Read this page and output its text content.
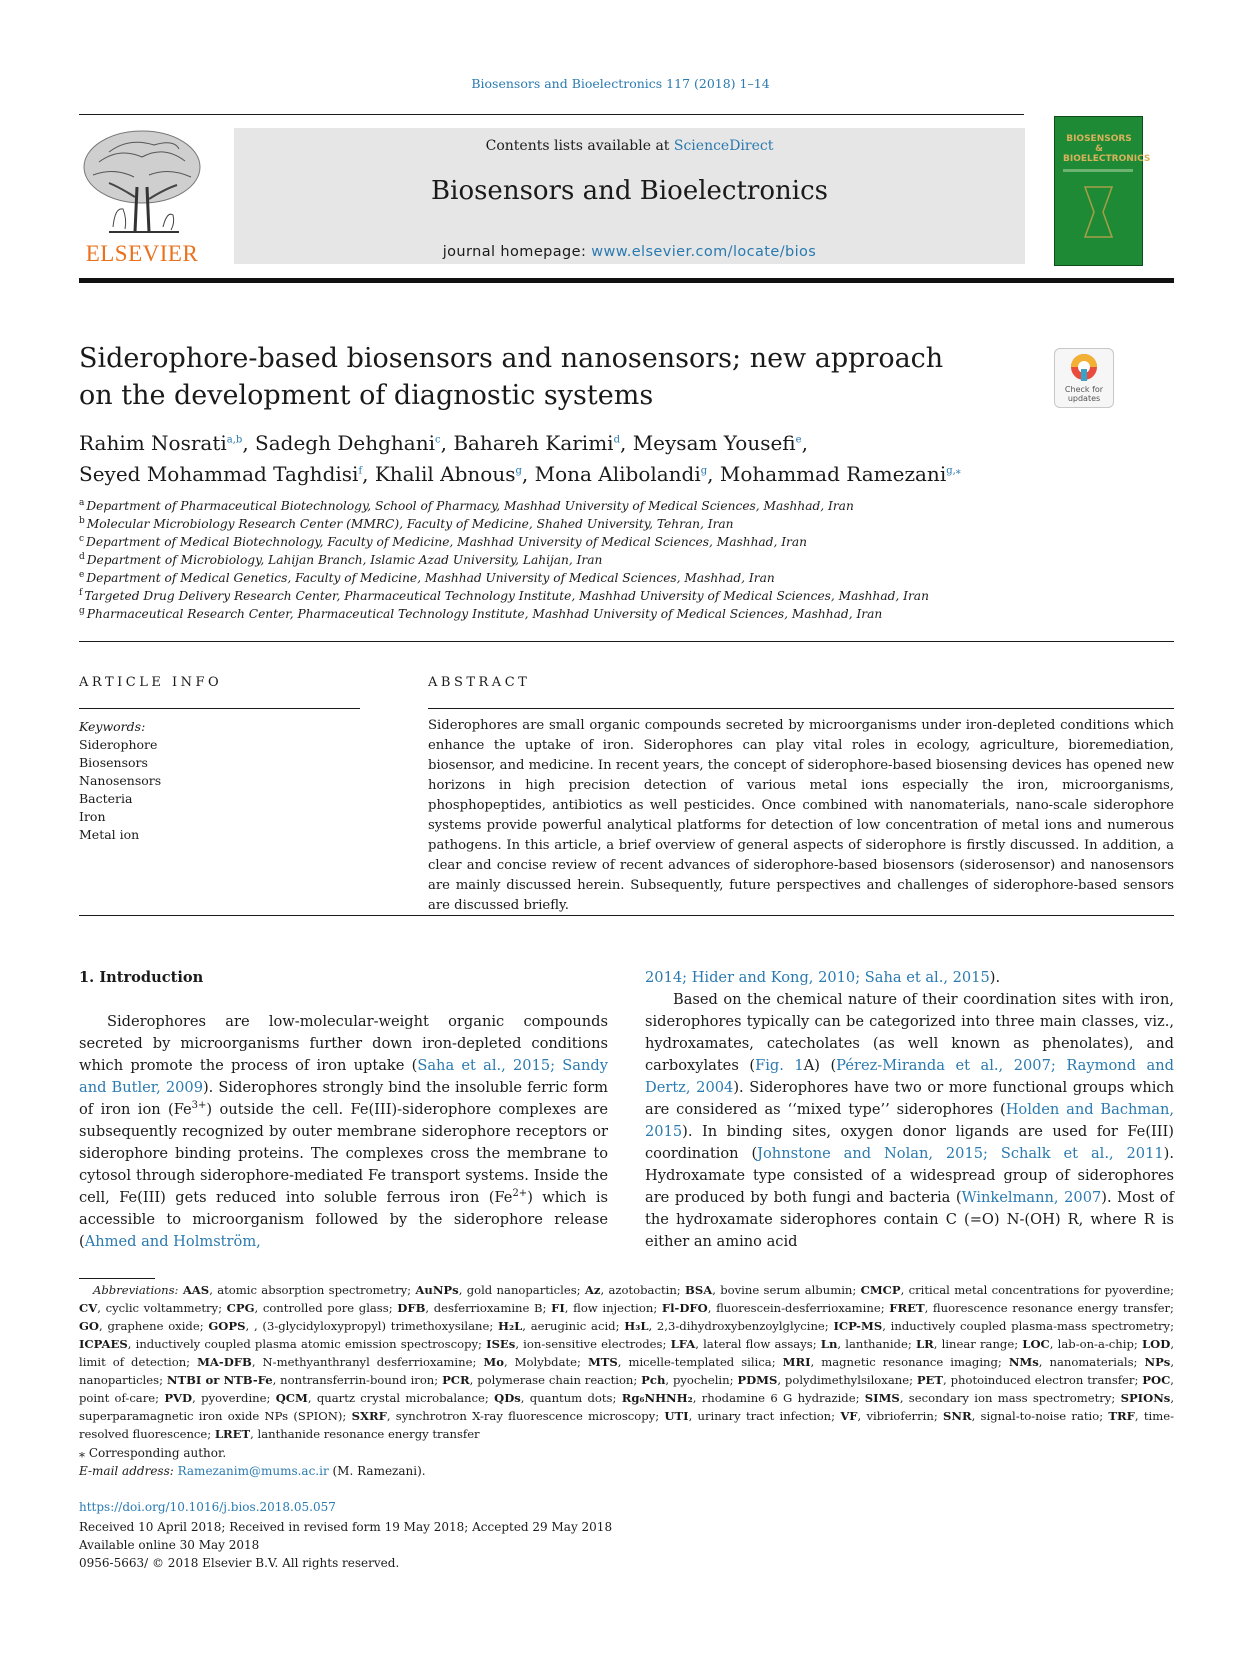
Biosensors and Bioelectronics 117 (2018) 1–14
ELSEVIER
Contents lists available at ScienceDirect
Biosensors and Bioelectronics
journal homepage: www.elsevier.com/locate/bios
BIOSENSORS & BIOELECTRONICS
Siderophore-based biosensors and nanosensors; new approach on the development of diagnostic systems	Check for updates
Rahim Nosrati$^{a,b}$, Sadegh Dehghani$^c$, Bahareh Karimi$^d$, Meysam Yousefi$^e$,
Seyed Mohammad Taghdisi$^f$, Khalil Abnous$^g$, Mona Alibolandi$^g$, Mohammad Ramezani$^{g,⁎}$
$^a$ Department of Pharmaceutical Biotechnology, School of Pharmacy, Mashhad University of Medical Sciences, Mashhad, Iran
$^b$ Molecular Microbiology Research Center (MMRC), Faculty of Medicine, Shahed University, Tehran, Iran
$^c$ Department of Medical Biotechnology, Faculty of Medicine, Mashhad University of Medical Sciences, Mashhad, Iran
$^d$ Department of Microbiology, Lahijan Branch, Islamic Azad University, Lahijan, Iran
$^e$ Department of Medical Genetics, Faculty of Medicine, Mashhad University of Medical Sciences, Mashhad, Iran
$^f$ Targeted Drug Delivery Research Center, Pharmaceutical Technology Institute, Mashhad University of Medical Sciences, Mashhad, Iran
$^g$ Pharmaceutical Research Center, Pharmaceutical Technology Institute, Mashhad University of Medical Sciences, Mashhad, Iran
ARTICLE INFO
Keywords:
Siderophore
Biosensors
Nanosensors
Bacteria
Iron
Metal ion
ABSTRACT
Siderophores are small organic compounds secreted by microorganisms under iron-depleted conditions which enhance the uptake of iron. Siderophores can play vital roles in ecology, agriculture, bioremediation, biosensor, and medicine. In recent years, the concept of siderophore-based biosensing devices has opened new horizons in high precision detection of various metal ions especially the iron, microorganisms, phosphopeptides, antibiotics as well pesticides. Once combined with nanomaterials, nano-scale siderophore systems provide powerful analytical platforms for detection of low concentration of metal ions and numerous pathogens. In this article, a brief overview of general aspects of siderophore is firstly discussed. In addition, a clear and concise review of recent advances of siderophore-based biosensors (siderosensor) and nanosensors are mainly discussed herein. Subsequently, future perspectives and challenges of siderophore-based sensors are discussed briefly.
1. Introduction

Siderophores are low-molecular-weight organic compounds secreted by microorganisms further down iron-depleted conditions which promote the process of iron uptake (Saha et al., 2015; Sandy and Butler, 2009). Siderophores strongly bind the insoluble ferric form of iron ion $(Fe^{3+})$ outside the cell. Fe(III)-siderophore complexes are subsequently recognized by outer membrane siderophore receptors or siderophore binding proteins. The complexes cross the membrane to cytosol through siderophore-mediated Fe transport systems. Inside the cell, Fe(III) gets reduced into soluble ferrous iron $(Fe^{2+})$ which is accessible to microorganism followed by the siderophore release (Ahmed and Holmström,

2014; Hider and Kong, 2010; Saha et al., 2015).

Based on the chemical nature of their coordination sites with iron, siderophores typically can be categorized into three main classes, viz., hydroxamates, catecholates (as well known as phenolates), and carboxylates (Fig. 1A) (Pérez-Miranda et al., 2007; Raymond and Dertz, 2004). Siderophores have two or more functional groups which are considered as ‘‘mixed type’’ siderophores (Holden and Bachman, 2015). In binding sites, oxygen donor ligands are used for Fe(III) coordination (Johnstone and Nolan, 2015; Schalk et al., 2011). Hydroxamate type consisted of a widespread group of siderophores are produced by both fungi and bacteria (Winkelmann, 2007). Most of the hydroxamate siderophores contain C (=O) N-(OH) R, where R is either an amino acid

Abbreviations: AAS, atomic absorption spectrometry; AuNPs, gold nanoparticles; Az, azotobactin; BSA, bovine serum albumin; CMCP, critical metal concentrations for pyoverdine; CV, cyclic voltammetry; CPG, controlled pore glass; DFB, desferrioxamine B; FI, flow injection; Fl-DFO, fluorescein-desferrioxamine; FRET, fluorescence resonance energy transfer; GO, graphene oxide; GOPS, , (3-glycidyloxypropyl) trimethoxysilane; H₂L, aeruginic acid; H₃L, 2,3-dihydroxybenzoylglycine; ICP-MS, inductively coupled plasma-mass spectrometry; ICPAES, inductively coupled plasma atomic emission spectroscopy; ISEs, ion-sensitive electrodes; LFA, lateral flow assays; Ln, lanthanide; LR, linear range; LOC, lab-on-a-chip; LOD, limit of detection; MA-DFB, N-methyanthranyl desferrioxamine; Mo, Molybdate; MTS, micelle-templated silica; MRI, magnetic resonance imaging; NMs, nanomaterials; NPs, nanoparticles; NTBI or NTB-Fe, nontransferrin-bound iron; PCR, polymerase chain reaction; Pch, pyochelin; PDMS, polydimethylsiloxane; PET, photoinduced electron transfer; POC, point of-care; PVD, pyoverdine; QCM, quartz crystal microbalance; QDs, quantum dots; Rg₆NHNH₂, rhodamine 6 G hydrazide; SIMS, secondary ion mass spectrometry; SPIONs, superparamagnetic iron oxide NPs (SPION); SXRF, synchrotron X-ray fluorescence microscopy; UTI, urinary tract infection; VF, vibrioferrin; SNR, signal-to-noise ratio; TRF, time-resolved fluorescence; LRET, lanthanide resonance energy transfer
⁎ Corresponding author.
E-mail address: Ramezanim@mums.ac.ir (M. Ramezani).
https://doi.org/10.1016/j.bios.2018.05.057
Received 10 April 2018; Received in revised form 19 May 2018; Accepted 29 May 2018
Available online 30 May 2018
0956-5663/ © 2018 Elsevier B.V. All rights reserved.
